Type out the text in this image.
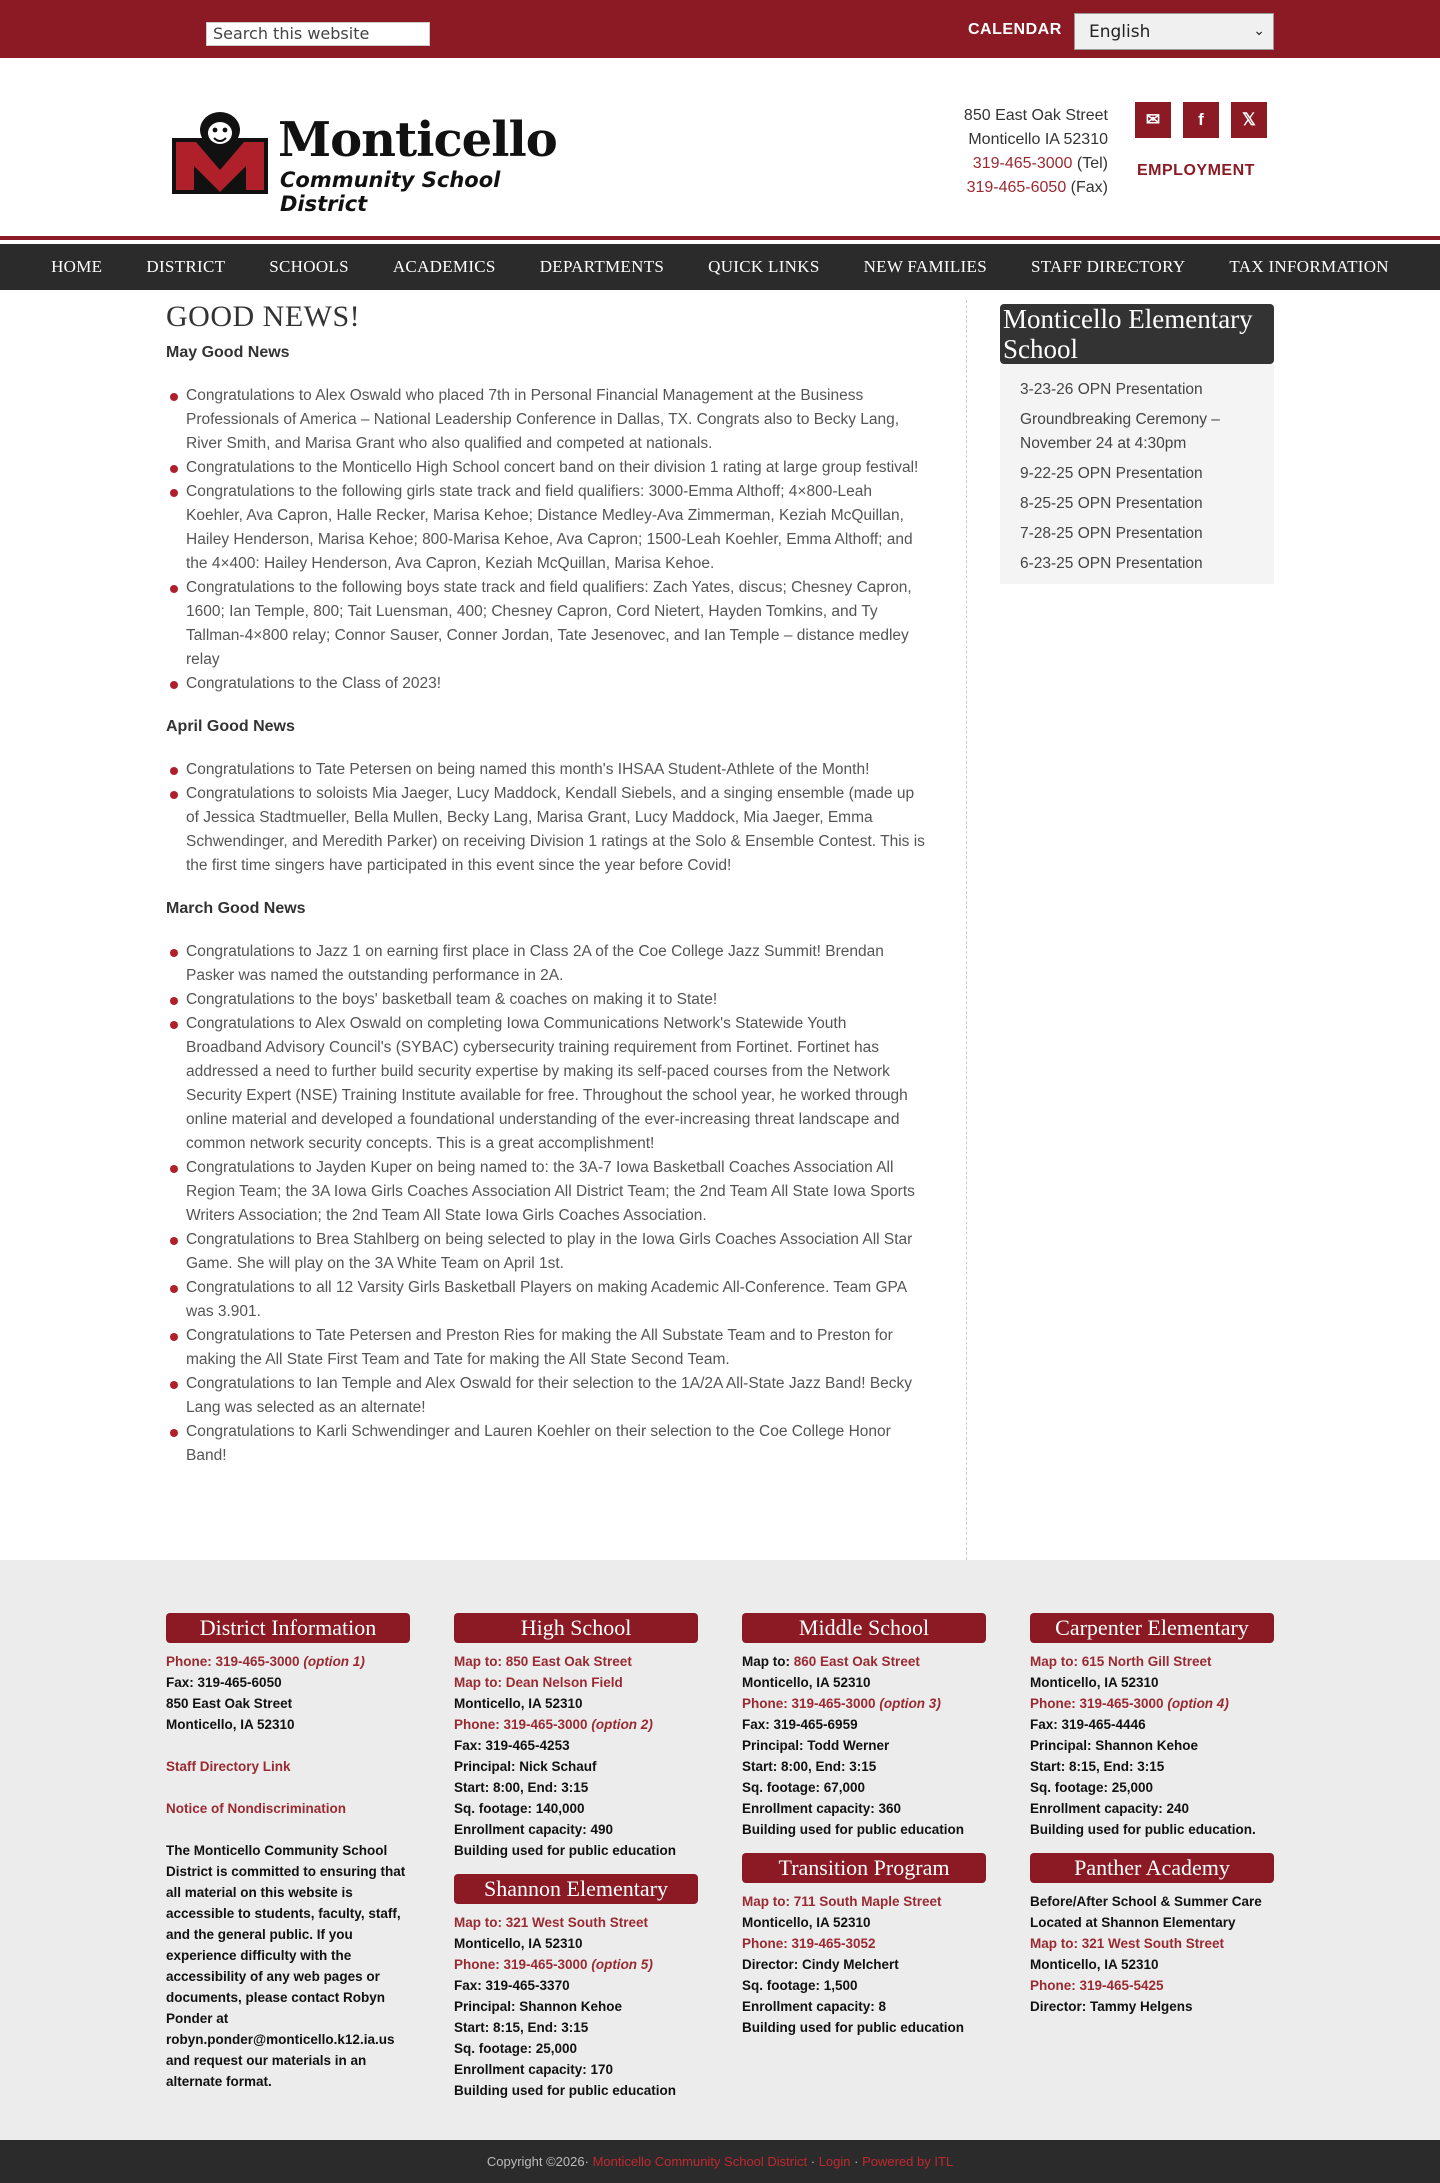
Search this website	CALENDAR	English	⌄
Monticello
Community School District
850 East Oak Street
Monticello IA 52310
319-465-3000 (Tel)
319-465-6050 (Fax)
✉ f 𝕏
EMPLOYMENT
HOME	DISTRICT	SCHOOLS	ACADEMICS	DEPARTMENTS	QUICK LINKS	NEW FAMILIES	STAFF DIRECTORY	TAX INFORMATION
GOOD NEWS!
May Good News
Congratulations to Alex Oswald who placed 7th in Personal Financial Management at the Business Professionals of America – National Leadership Conference in Dallas, TX. Congrats also to Becky Lang, River Smith, and Marisa Grant who also qualified and competed at nationals.
Congratulations to the Monticello High School concert band on their division 1 rating at large group festival!
Congratulations to the following girls state track and field qualifiers: 3000-Emma Althoff; 4×800-Leah Koehler, Ava Capron, Halle Recker, Marisa Kehoe; Distance Medley-Ava Zimmerman, Keziah McQuillan, Hailey Henderson, Marisa Kehoe; 800-Marisa Kehoe, Ava Capron; 1500-Leah Koehler, Emma Althoff; and the 4×400: Hailey Henderson, Ava Capron, Keziah McQuillan, Marisa Kehoe.
Congratulations to the following boys state track and field qualifiers: Zach Yates, discus; Chesney Capron, 1600; Ian Temple, 800; Tait Luensman, 400; Chesney Capron, Cord Nietert, Hayden Tomkins, and Ty Tallman-4×800 relay; Connor Sauser, Conner Jordan, Tate Jesenovec, and Ian Temple – distance medley relay
Congratulations to the Class of 2023!
April Good News
Congratulations to Tate Petersen on being named this month's IHSAA Student-Athlete of the Month!
Congratulations to soloists Mia Jaeger, Lucy Maddock, Kendall Siebels, and a singing ensemble (made up of Jessica Stadtmueller, Bella Mullen, Becky Lang, Marisa Grant, Lucy Maddock, Mia Jaeger, Emma Schwendinger, and Meredith Parker) on receiving Division 1 ratings at the Solo & Ensemble Contest. This is the first time singers have participated in this event since the year before Covid!
March Good News
Congratulations to Jazz 1 on earning first place in Class 2A of the Coe College Jazz Summit! Brendan Pasker was named the outstanding performance in 2A.
Congratulations to the boys' basketball team & coaches on making it to State!
Congratulations to Alex Oswald on completing Iowa Communications Network's Statewide Youth Broadband Advisory Council's (SYBAC) cybersecurity training requirement from Fortinet. Fortinet has addressed a need to further build security expertise by making its self-paced courses from the Network Security Expert (NSE) Training Institute available for free. Throughout the school year, he worked through online material and developed a foundational understanding of the ever-increasing threat landscape and common network security concepts. This is a great accomplishment!
Congratulations to Jayden Kuper on being named to: the 3A-7 Iowa Basketball Coaches Association All Region Team; the 3A Iowa Girls Coaches Association All District Team; the 2nd Team All State Iowa Sports Writers Association; the 2nd Team All State Iowa Girls Coaches Association.
Congratulations to Brea Stahlberg on being selected to play in the Iowa Girls Coaches Association All Star Game. She will play on the 3A White Team on April 1st.
Congratulations to all 12 Varsity Girls Basketball Players on making Academic All-Conference. Team GPA was 3.901.
Congratulations to Tate Petersen and Preston Ries for making the All Substate Team and to Preston for making the All State First Team and Tate for making the All State Second Team.
Congratulations to Ian Temple and Alex Oswald for their selection to the 1A/2A All-State Jazz Band! Becky Lang was selected as an alternate!
Congratulations to Karli Schwendinger and Lauren Koehler on their selection to the Coe College Honor Band!
Monticello Elementary School
3-23-26 OPN Presentation
Groundbreaking Ceremony – November 24 at 4:30pm
9-22-25 OPN Presentation
8-25-25 OPN Presentation
7-28-25 OPN Presentation
6-23-25 OPN Presentation
District Information
Phone: 319-465-3000 (option 1)
Fax: 319-465-6050
850 East Oak Street
Monticello, IA 52310
Staff Directory Link
Notice of Nondiscrimination
The Monticello Community School District is committed to ensuring that all material on this website is accessible to students, faculty, staff, and the general public. If you experience difficulty with the accessibility of any web pages or documents, please contact Robyn Ponder at robyn.ponder@monticello.k12.ia.us and request our materials in an alternate format.
High School
Map to: 850 East Oak Street
Map to: Dean Nelson Field
Monticello, IA 52310
Phone: 319-465-3000 (option 2)
Fax: 319-465-4253
Principal: Nick Schauf
Start: 8:00, End: 3:15
Sq. footage: 140,000
Enrollment capacity: 490
Building used for public education
Shannon Elementary
Map to: 321 West South Street
Monticello, IA 52310
Phone: 319-465-3000 (option 5)
Fax: 319-465-3370
Principal: Shannon Kehoe
Start: 8:15, End: 3:15
Sq. footage: 25,000
Enrollment capacity: 170
Building used for public education
Middle School
Map to: 860 East Oak Street
Monticello, IA 52310
Phone: 319-465-3000 (option 3)
Fax: 319-465-6959
Principal: Todd Werner
Start: 8:00, End: 3:15
Sq. footage: 67,000
Enrollment capacity: 360
Building used for public education
Transition Program
Map to: 711 South Maple Street
Monticello, IA 52310
Phone: 319-465-3052
Director: Cindy Melchert
Sq. footage: 1,500
Enrollment capacity: 8
Building used for public education
Carpenter Elementary
Map to: 615 North Gill Street
Monticello, IA 52310
Phone: 319-465-3000 (option 4)
Fax: 319-465-4446
Principal: Shannon Kehoe
Start: 8:15, End: 3:15
Sq. footage: 25,000
Enrollment capacity: 240
Building used for public education.
Panther Academy
Before/After School & Summer Care
Located at Shannon Elementary
Map to: 321 West South Street
Monticello, IA 52310
Phone: 319-465-5425
Director: Tammy Helgens
Copyright ©2026· Monticello Community School District · Login · Powered by ITL
